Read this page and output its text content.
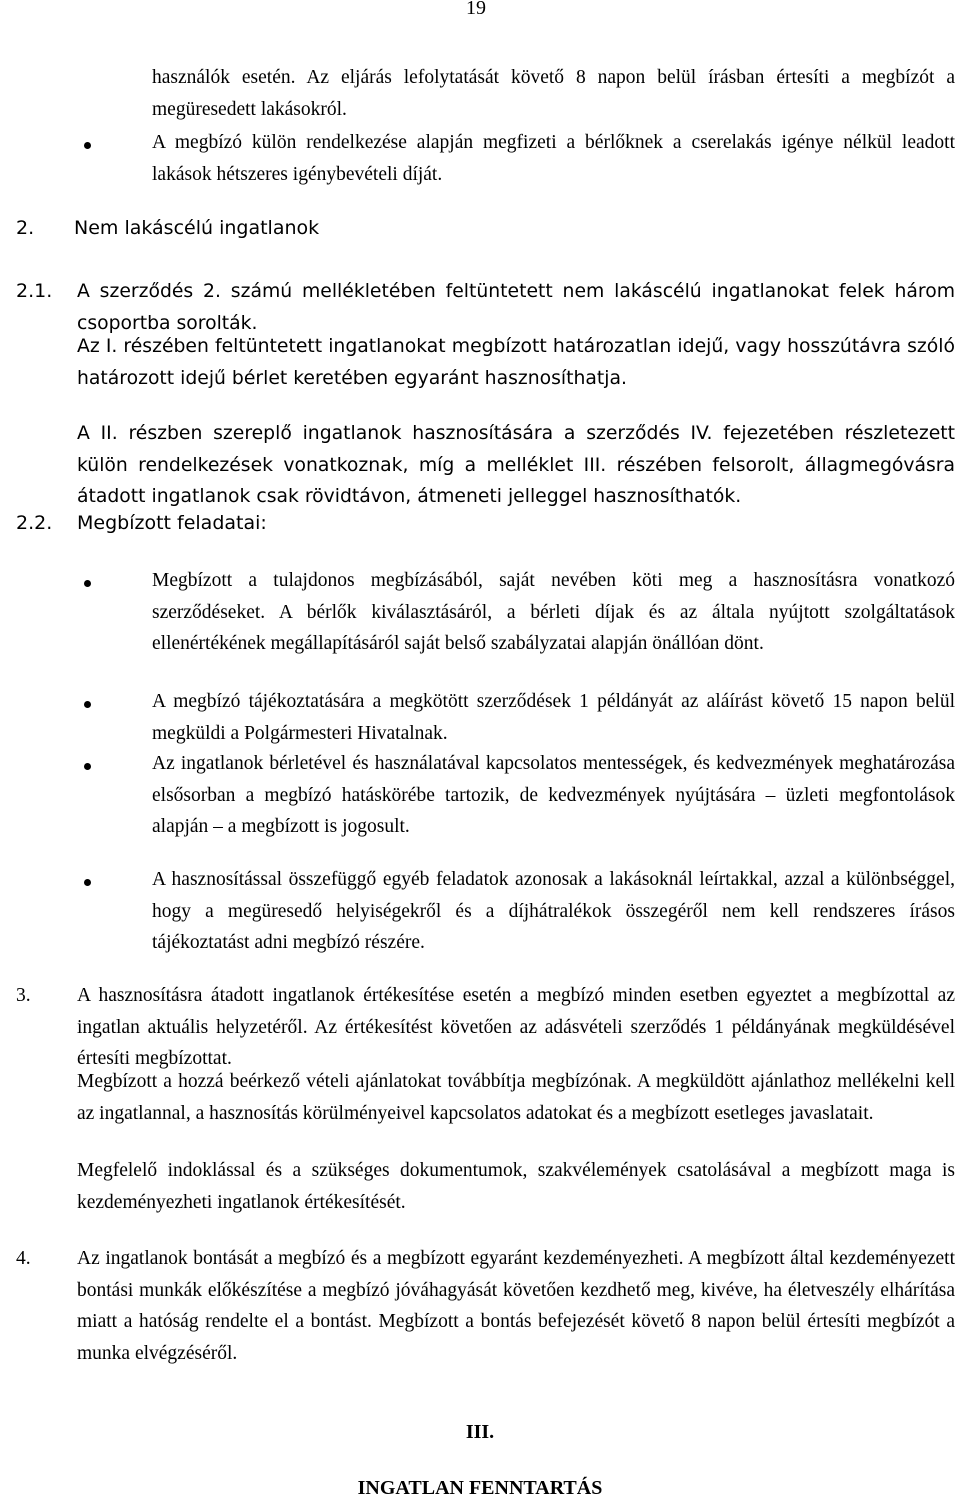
19

használók esetén. Az eljárás lefolytatását követő 8 napon belül írásban értesíti a megbízót a megüresedett lakásokról.

A megbízó külön rendelkezése alapján megfizeti a bérlőknek a cserelakás igénye nélkül leadott lakások hétszeres igénybevételi díját.

2. Nem lakáscélú ingatlanok
2.1. A szerződés 2. számú mellékletében feltüntetett nem lakáscélú ingatlanokat felek három csoportba sorolták.

Az I. részében feltüntetett ingatlanokat megbízott határozatlan idejű, vagy hosszútávra szóló határozott idejű bérlet keretében egyaránt hasznosíthatja.

A II. részben szereplő ingatlanok hasznosítására a szerződés IV. fejezetében részletezett külön rendelkezések vonatkoznak, míg a melléklet III. részében felsorolt, állagmegóvásra átadott ingatlanok csak rövidtávon, átmeneti jelleggel hasznosíthatók.

2.2. Megbízott feladatai:

Megbízott a tulajdonos megbízásából, saját nevében köti meg a hasznosításra vonatkozó szerződéseket. A bérlők kiválasztásáról, a bérleti díjak és az általa nyújtott szolgáltatások ellenértékének megállapításáról saját belső szabályzatai alapján önállóan dönt.

A megbízó tájékoztatására a megkötött szerződések 1 példányát az aláírást követő 15 napon belül megküldi a Polgármesteri Hivatalnak.

Az ingatlanok bérletével és használatával kapcsolatos mentességek, és kedvezmények meghatározása elsősorban a megbízó hatáskörébe tartozik, de kedvezmények nyújtására – üzleti megfontolások alapján – a megbízott is jogosult.

A hasznosítással összefüggő egyéb feladatok azonosak a lakásoknál leírtakkal, azzal a különbséggel, hogy a megüresedő helyiségekről és a díjhátralékok összegéről nem kell rendszeres írásos tájékoztatást adni megbízó részére.

3. A hasznosításra átadott ingatlanok értékesítése esetén a megbízó minden esetben egyeztet a megbízottal az ingatlan aktuális helyzetéről. Az értékesítést követően az adásvételi szerződés 1 példányának megküldésével értesíti megbízottat.

Megbízott a hozzá beérkező vételi ajánlatokat továbbítja megbízónak. A megküldött ajánlathoz mellékelni kell az ingatlannal, a hasznosítás körülményeivel kapcsolatos adatokat és a megbízott esetleges javaslatait.

Megfelelő indoklással és a szükséges dokumentumok, szakvélemények csatolásával a megbízott maga is kezdeményezheti ingatlanok értékesítését.

4. Az ingatlanok bontását a megbízó és a megbízott egyaránt kezdeményezheti. A megbízott által kezdeményezett bontási munkák előkészítése a megbízó jóváhagyását követően kezdhető meg, kivéve, ha életveszély elhárítása miatt a hatóság rendelte el a bontást. Megbízott a bontás befejezését követő 8 napon belül értesíti megbízót a munka elvégzéséről.

III.
INGATLAN FENNTARTÁS
